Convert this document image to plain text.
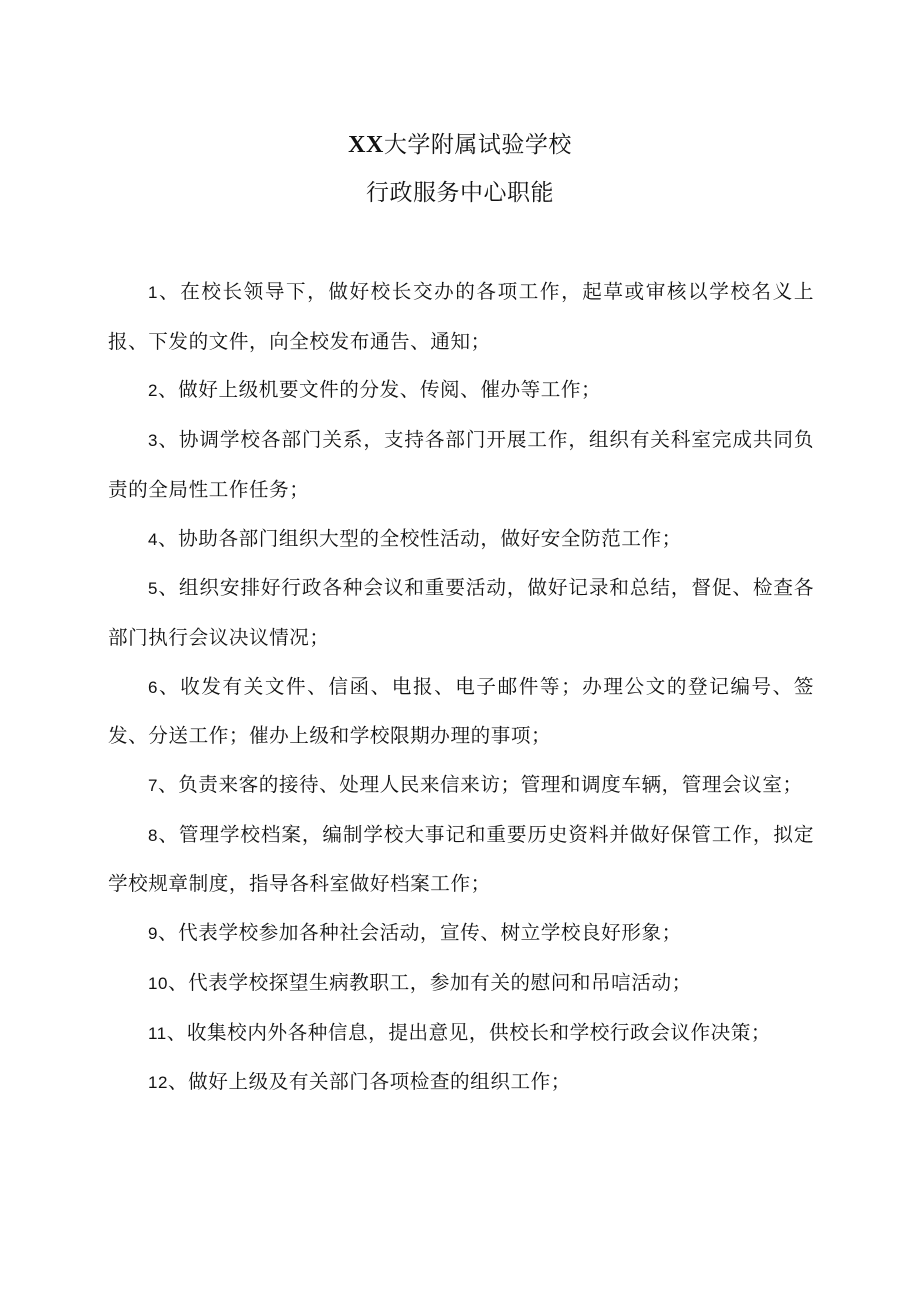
XX大学附属试验学校
行政服务中心职能

1、在校长领导下，做好校长交办的各项工作，起草或审核以学校名义上报、下发的文件，向全校发布通告、通知；

2、做好上级机要文件的分发、传阅、催办等工作；

3、协调学校各部门关系，支持各部门开展工作，组织有关科室完成共同负责的全局性工作任务；

4、协助各部门组织大型的全校性活动，做好安全防范工作；

5、组织安排好行政各种会议和重要活动，做好记录和总结，督促、检查各部门执行会议决议情况；

6、收发有关文件、信函、电报、电子邮件等；办理公文的登记编号、签发、分送工作；催办上级和学校限期办理的事项；

7、负责来客的接待、处理人民来信来访；管理和调度车辆，管理会议室；

8、管理学校档案，编制学校大事记和重要历史资料并做好保管工作，拟定学校规章制度，指导各科室做好档案工作；

9、代表学校参加各种社会活动，宣传、树立学校良好形象；

10、代表学校探望生病教职工，参加有关的慰问和吊唁活动；

11、收集校内外各种信息，提出意见，供校长和学校行政会议作决策；

12、做好上级及有关部门各项检查的组织工作；
